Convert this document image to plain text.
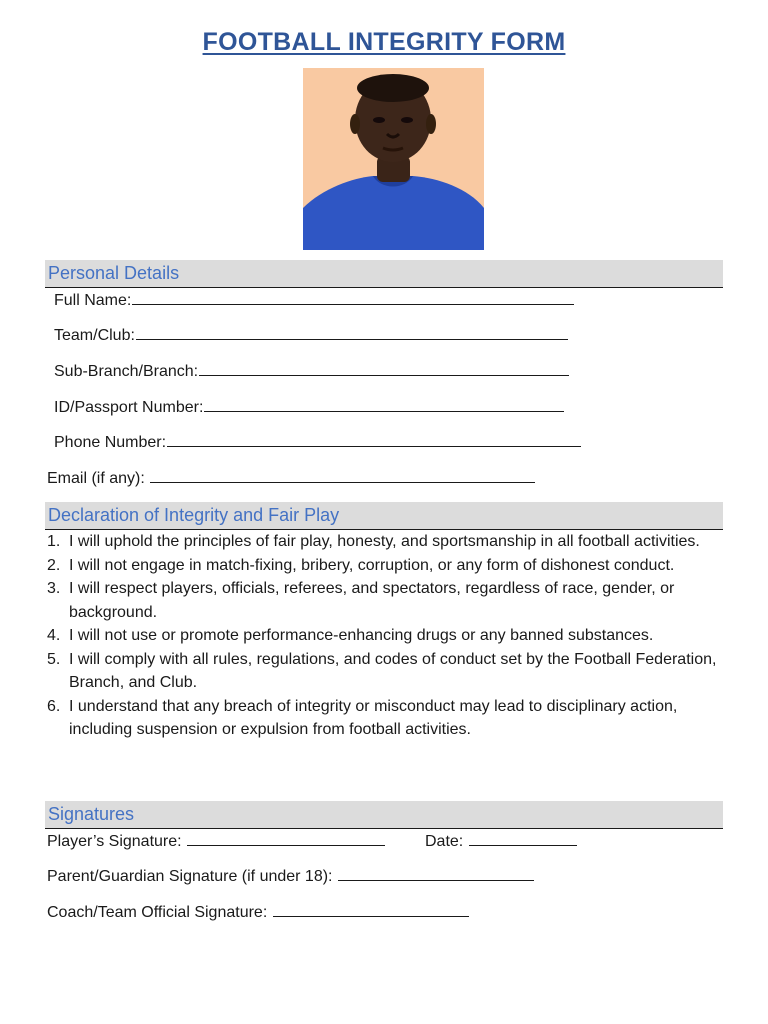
FOOTBALL INTEGRITY FORM
Personal Details
Full Name:
Team/Club:
Sub-Branch/Branch:
ID/Passport Number:
Phone Number:
Email (if any):
Declaration of Integrity and Fair Play
1. I will uphold the principles of fair play, honesty, and sportsmanship in all football activities.
2. I will not engage in match-fixing, bribery, corruption, or any form of dishonest conduct.
3. I will respect players, officials, referees, and spectators, regardless of race, gender, or background.
4. I will not use or promote performance-enhancing drugs or any banned substances.
5. I will comply with all rules, regulations, and codes of conduct set by the Football Federation, Branch, and Club.
6. I understand that any breach of integrity or misconduct may lead to disciplinary action, including suspension or expulsion from football activities.
Signatures
Player’s Signature:	Date:
Parent/Guardian Signature (if under 18):
Coach/Team Official Signature:
